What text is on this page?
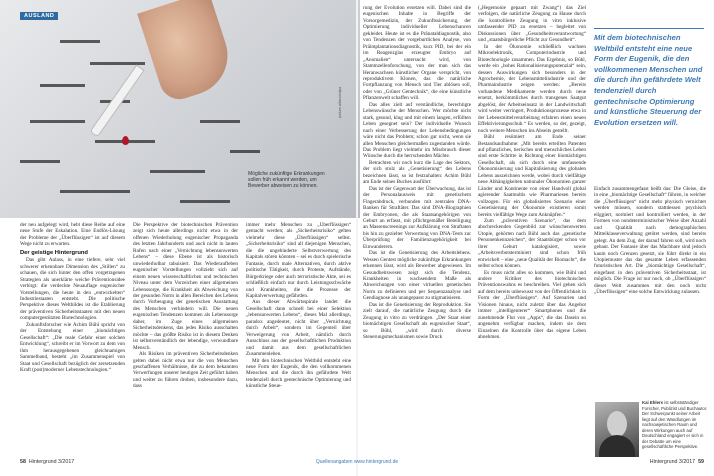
AUSLAND
Mögliche zukünftige Erkrankungen sollen früh erkannt werden, um Bewerber abweisen zu können.
picture-alliance/dpa

der neu aufgelegt wird, hebt diese Reihe auf eine neue Stufe der Eskalation. Eine Endlös-Lösung der Probleme der „Überflüssigen“ ist auf diesem Wege nicht zu erwarten.

Der geistige Hintergrund

Das gibt Anlass, in eine tiefere, sehr viel schwerer erkennbare Dimension des „Stillen“ zu schauen, die sich hinter den offen vorgetragenen Strategien als unerklärte weiche Präventionsidee verbirgt: die verdeckte Neuauflage eugenischer Vorstellungen, die heute in den „entwickelten“ Industriestaaten entsteht. Die politische Perspektive dieses Weltbildes ist die Etablierung der präventiven Sicherheitsstaaten mit den neuen computergestützten Biotechnologien.

Zukunftsforscher wie Achim Bühl spricht von der Entstehung einer „biomächtigen Gesellschaft“: „Die reale Gefahr einer solchen Entwicklung“, schreibt er im Vorwort zu dem von ihm herausgegebenen gleichnamigen Sammelband, besteht „im Zusammenspiel von Staat und Gesellschaft bezüglich der zersetzenden Kraft (post)moderner Lebenstechnologien.“

Die Perspektive der biotechnischen Prävention zeigt sich heute allerdings nicht etwa in der offenen Wiederholung eugenischer Propaganda des letzten Jahrhunderts und auch nicht in lauten Rufen nach einer „Vernichtung lebensunwerten Lebens“ – diese Ebene ist als historisch unwiederholbar tabuisiert. Das Wiederaufleben eugenischer Vorstellungen vollzieht sich auf einem neuen wissenschaftlichen und technischen Niveau unter dem Vorzeichen einer allgemeinen Lebenssorge, die Krankheit als Abweichung von der gesunden Norm in allen Bereichen des Lebens durch Vorbeugung der genetischen Ausstattung des Menschen verhindern will. Die neuen eugenischen Tendenzen kommen als Lebenssorge daher, im Zuge eines allgemeinen Sicherheitsdenkens, das jedes Risiko ausschalten möchte – das größte Risiko ist in diesem Denken ist selbstverständlich der lebendige, verwundbare Mensch.

Als Risiken im präventiven Sicherheitsdenken gelten dabei nicht etwa nur die von Menschen geschaffenen Verhältnisse, die zu dem bekannten Verwerfungen unserer heutigen Zeit geführt haben und weiter zu führen drohen, insbesondere dazu, dass

immer mehr Menschen zu „Überflüssigen“ gemacht werden; als „Sicherheitsrisiko“ gelten vielmehr diese „Überflüssigen“ selbst. „Sicherheitsrisiko“ sind all diejenigen Menschen, die die ungehinderte Selbstverwertung des Kapitals stören könnten – sei es durch spielerische Fantasie, durch male Alternativen, durch aktive politische Tätigkeit, durch Proteste, Aufstände, Bürgerkriege oder auch terroristische Akte, sei es schließlich einfach nur durch Leistungsschwäche und Krankheiten, die die Prozesse der Kapitalverwertung gefährden.

Aus dieser Abwärtsspirale landet die Gesellschaft dann schnell bei einer Selektion „lebensunwerten Lebens“, dieses Mal allerdings, paradox angedeutet, nicht über „Vernichtung durch Arbeit“, sondern im Gegenteil über Verweigerung von Arbeit, nämlich durch Ausschluss aus der gesellschaftlichen Produktion und damit aus dem gesellschaftlichen Zusammenleben.

Mit den biotechnischen Weltbild entsteht eine neue Form der Eugenik, die den vollkommenen Menschen und die durch ihn gefährdete Welt tendenziell durch gentechnische Optimierung und künstliche Steue-

rung der Evolution ersetzen will. Dabei sind die eugenischen Inhalte in Begriffe der Vorsorgemedizin, der Zukunftssicherung, der Optimierung individueller Lebenschancen gekleidet. Heute ist es die Pränataldiagnostik, also von Tendenzen der vorgeburtlichen Analyse, von Präimplantationsdiagnostik, kurz PID, bei der ein im Reagenzglas erzeugter Embryo auf „Anomalien“ untersucht wird, von Stammzellenforschung, von der man sich das Heranwachsen künstlicher Organe verspricht, von reproduktivem Klonen, das die natürliche Fortpflanzung von Mensch und Tier ablösen soll, oder von „Grüner Gentechnik“, die eine künstliche Pflanzenwelt schaffen will.

Das alles zielt auf verständliche, berechtigte Lebenswünsche der Menschen. Wer möchte nicht stark, gesund, klug und mit einem langen, erfüllten Leben gesegnet sein? Der individuelle Wunsch nach einer Verbesserung der Lebensbedingungen wäre nicht das Problem; schon gar nicht, wenn sie allen Menschen gleichermaßen zugestanden würde. Das Problem liegt vielmehr im Missbrauch dieser Wünsche durch die herrschenden Mächte.

Betrachten wir noch kurz die Lage des Sektors, der sich stolz als „Genetisierung“ des Lebens bezeichnen lässt, so ist festzuhalten: Achim Bühl am Ende seines Buches ausführt:

Das ist der Gegenwart der Überwachung, das ist der Personalausweis mit genetischem Fingerabdruck, verbunden mit zentralen DNA-Banken für Straftäter. Das sind DNA-Biographien der Embryonen, die als Staatsangehörigen von Geburt an erfasst, mit pflichtgemäßer Beteiligung an Massenscreenings zur Aufklärung von Straftaten bis hin zu gezielter Verwertung von DNA-Tests zur Überprüfung der Familienzugehörigkeit bei Einwanderern.

Das ist die Genetisierung des Arbeitslebens. Wessen Gentest mögliche zukünftige Erkrankungen erkennen lässt, wird als Bewerber abgewiesen. Im Gesundheitswesen zeigt sich die Tendenz, Krankheiten in wachsendem Maße als Abweichungen von einer virtuellen genetischen Norm zu definieren und per Sequenzanalyse und Gendiagnose als unangepasst zu stigmatisieren.

Das ist die Genetisierung der Reproduktion. Sie zielt darauf, die natürliche Zeugung durch die Zeugung in vitro zu verdrängen. „Der Staat einer biomächtigen Gesellschaft als eugenischer Staat“, so Bühl, „wird durch diverse Steuerungsmechanismen sowie Druck

(„Hegemonie gepaart mit Zwang“) das Ziel verfolgen, die natürliche Zeugung zu Hause durch die kontrollierte Zeugung in vitro inklusive umfassender PID zu ersetzen – begleitet von Diskussionen über „Gesundheitsverantwortung“ und „staatsbürgerliche Pflicht zur Gesundheit“.

In der Ökonomie schließlich wachsen Mikroelektronik, Computerindustrie und Biotechnologie zusammen. Das Ergebnis, so Bühl, werde ein „hohes Rationalisierungspotenzial“ sein, dessen Auswirkungen sich besonders in der Agrochemie, der Lebensmittelindustrie und der Pharmaindustrie zeigen werden: „Bereits vorhandene Medikamente werden durch neue ersetzt, herkömmliches durch transgenes Saatgut abgelöst, der Arbeitseinsatz in der Landwirtschaft wird weiter verringert, Produktionsprozesse etwa in der Lebensmittelverarbeitung erfahren einen neuen Effektivierungsschub.“ Es werden, so der, gezeigt, noch weitere Menschen ins Abseits gestellt.

Bühl resümiert am Ende seiner Bestandsaufnahme: „Mit bereits erteilten Patenten auf pflanzliches, tierisches und menschliches Leben sind erste Schritte in Richtung einer biomächtigen Gesellschaft, als sich durch eine umfassende Ökonomisierung und Kapitalisierung des globalen Lebens auszeichnen werde, wobei durch vielfältige neue Abhängigkeiten nationaler Ökonomien ganzer Länder und Kontinente von einer Handvoll global agierender Saatmultis wie Pharmariesen bereits vollzogen. Für ein globalisiertes Szenario einer Genetisierung der Ökonomie existieren somit bereits vielfältige Wege zum Anknüpfen.“

Zum „präventiven Szenario“, das dem abschreckenden Gegenbild zur wünschenswerten Utopie, gehörten nach Bühl auch das „genetische Personenkennzeichen“, der Staatsbürger schon vor ihrer Geburt katalogisiert, sowie „Arbeitsverbotsterminiert sind schon früh entwickelt – eine „neue Qualität der Biomacht“, die selbst schon können.

Es muss nicht alles so kommen, wie Bühl und andere Kritiker des biotechnischen Präventionswahns es beschreiben. Viel gehen sich auf dem bereits unbewusst von der Öffentlichkeit in Form der „Überflüssigen“. Auf Szenarien und Visionen hinaus, nicht zuletzt über das Angebot immer „intelligenterer“ Smartphones und die zunehmende Flut von „Apps“, die das Dasein so angenehm verfügbar machen, indem sie dem Einzelnen die Kontrolle über das eigene Leben abnehmen.

Einfach zusammengefasst heißt das: Die Gleise, die in eine „biomächtige Gesellschaft“ führen, in welcher die „Überflüssigen“ nicht mehr physisch vernichtet werden müssen, sondern stattdessen psychisch eliggiert, normiert und kontrolliert werden, in der Formen von nondeterministischer Weise über Anzahl und Qualität nach demographischen Mittelklasseverwaltung getötet werden, sind bereits gelegt. An dem Zug, der darauf fahren soll, wird noch gebaut. Der Fantasie über das Machbare sind jedoch kaum noch Grenzen gesetzt, sie führt direkt in ein Utopiemuster das das gesamte Leben erfassenden futuristischen Art. Die „biomächtige Gesellschaft“, eingefasst in den präventiven Sicherheitsstaat, ist möglich. Die Frage ist nur noch, ob „Überflüssigen“ dieser Welt zusammen mit den noch nicht „Überflüssigen“ eine solche Entwicklung zulassen.

Mit dem biotechnischen Weltbild entsteht eine neue Form der Eugenik, die den vollkommenen Menschen und die durch ihn gefährdete Welt tendenziell durch gentechnische Optimierung und künstliche Steuerung der Evolution ersetzen will.
Kai Ehlers ist selbstständiger Forscher, Publizist und Buchautor. Der Schwerpunkt seiner Arbeit liegt auf den Wandlungen im nachsowjetischen Raum und deren Wirkungen auch auf Deutschland engagiert er sich in der Debatte um eine gesellschaftliche Perspektive.
58 Hintergrund 3/2017	Quellenangaben www.hintergrund.de	Hintergrund 3/2017 59
